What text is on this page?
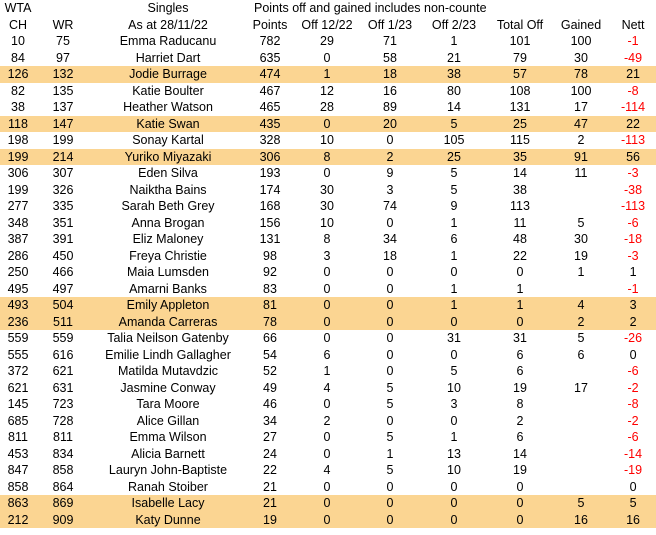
WTA		Singles	Points off and gained includes non-counte						
CH	WR	As at 28/11/22	Points	Off 12/22	Off 1/23	Off 2/23	Total Off	Gained	Nett
10	75	Emma Raducanu	782	29	71	1	101	100	-1
84	97	Harriet Dart	635	0	58	21	79	30	-49
126	132	Jodie Burrage	474	1	18	38	57	78	21
82	135	Katie Boulter	467	12	16	80	108	100	-8
38	137	Heather Watson	465	28	89	14	131	17	-114
118	147	Katie Swan	435	0	20	5	25	47	22
198	199	Sonay Kartal	328	10	0	105	115	2	-113
199	214	Yuriko Miyazaki	306	8	2	25	35	91	56
306	307	Eden Silva	193	0	9	5	14	11	-3
199	326	Naiktha Bains	174	30	3	5	38		-38
277	335	Sarah Beth Grey	168	30	74	9	113		-113
348	351	Anna Brogan	156	10	0	1	11	5	-6
387	391	Eliz Maloney	131	8	34	6	48	30	-18
286	450	Freya Christie	98	3	18	1	22	19	-3
250	466	Maia Lumsden	92	0	0	0	0	1	1
495	497	Amarni Banks	83	0	0	1	1		-1
493	504	Emily Appleton	81	0	0	1	1	4	3
236	511	Amanda Carreras	78	0	0	0	0	2	2
559	559	Talia Neilson Gatenby	66	0	0	31	31	5	-26
555	616	Emilie Lindh Gallagher	54	6	0	0	6	6	0
372	621	Matilda Mutavdzic	52	1	0	5	6		-6
621	631	Jasmine Conway	49	4	5	10	19	17	-2
145	723	Tara Moore	46	0	5	3	8		-8
685	728	Alice Gillan	34	2	0	0	2		-2
811	811	Emma Wilson	27	0	5	1	6		-6
453	834	Alicia Barnett	24	0	1	13	14		-14
847	858	Lauryn John-Baptiste	22	4	5	10	19		-19
858	864	Ranah Stoiber	21	0	0	0	0		0
863	869	Isabelle Lacy	21	0	0	0	0	5	5
212	909	Katy Dunne	19	0	0	0	0	16	16
